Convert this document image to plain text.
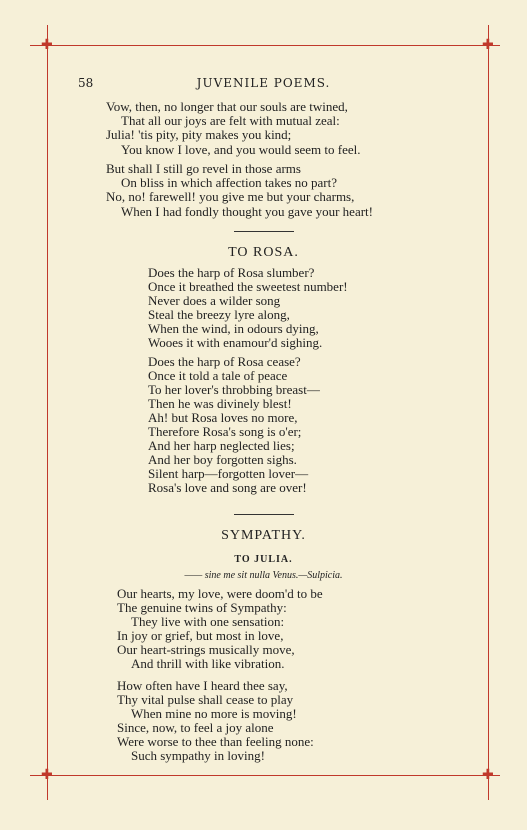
✚	✚
✚	✚
58	JUVENILE POEMS.
Vow, then, no longer that our souls are twined,
That all our joys are felt with mutual zeal:
Julia! 'tis pity, pity makes you kind;
You know I love, and you would seem to feel.
But shall I still go revel in those arms
On bliss in which affection takes no part?
No, no! farewell! you give me but your charms,
When I had fondly thought you gave your heart!
TO ROSA.
Does the harp of Rosa slumber?
Once it breathed the sweetest number!
Never does a wilder song
Steal the breezy lyre along,
When the wind, in odours dying,
Wooes it with enamour'd sighing.
Does the harp of Rosa cease?
Once it told a tale of peace
To her lover's throbbing breast—
Then he was divinely blest!
Ah! but Rosa loves no more,
Therefore Rosa's song is o'er;
And her harp neglected lies;
And her boy forgotten sighs.
Silent harp—forgotten lover—
Rosa's love and song are over!
SYMPATHY.
TO JULIA.
—— sine me sit nulla Venus.—Sulpicia.
Our hearts, my love, were doom'd to be
The genuine twins of Sympathy:
They live with one sensation:
In joy or grief, but most in love,
Our heart-strings musically move,
And thrill with like vibration.
How often have I heard thee say,
Thy vital pulse shall cease to play
When mine no more is moving!
Since, now, to feel a joy alone
Were worse to thee than feeling none:
Such sympathy in loving!
